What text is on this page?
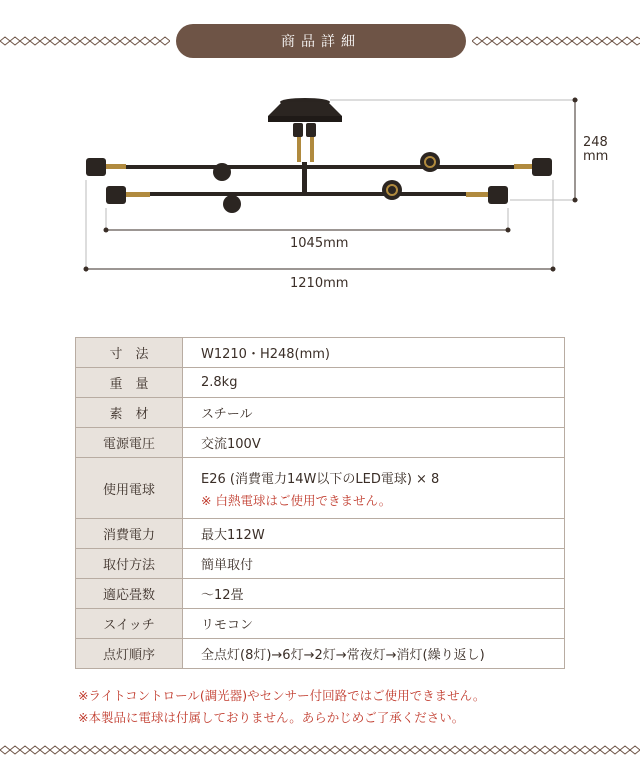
商品詳細
248
mm
1045mm
1210mm
寸　法	W1210・H248(mm)
重　量	2.8kg
素　材	スチール
電源電圧	交流100V
使用電球	E26 (消費電力14W以下のLED電球) × 8
※ 白熱電球はご使用できません。

消費電力	最大112W
取付方法	簡単取付
適応畳数	〜12畳
スイッチ	リモコン
点灯順序	全点灯(8灯)→6灯→2灯→常夜灯→消灯(繰り返し)
※ライトコントロール(調光器)やセンサー付回路ではご使用できません。
※本製品に電球は付属しておりません。あらかじめご了承ください。
